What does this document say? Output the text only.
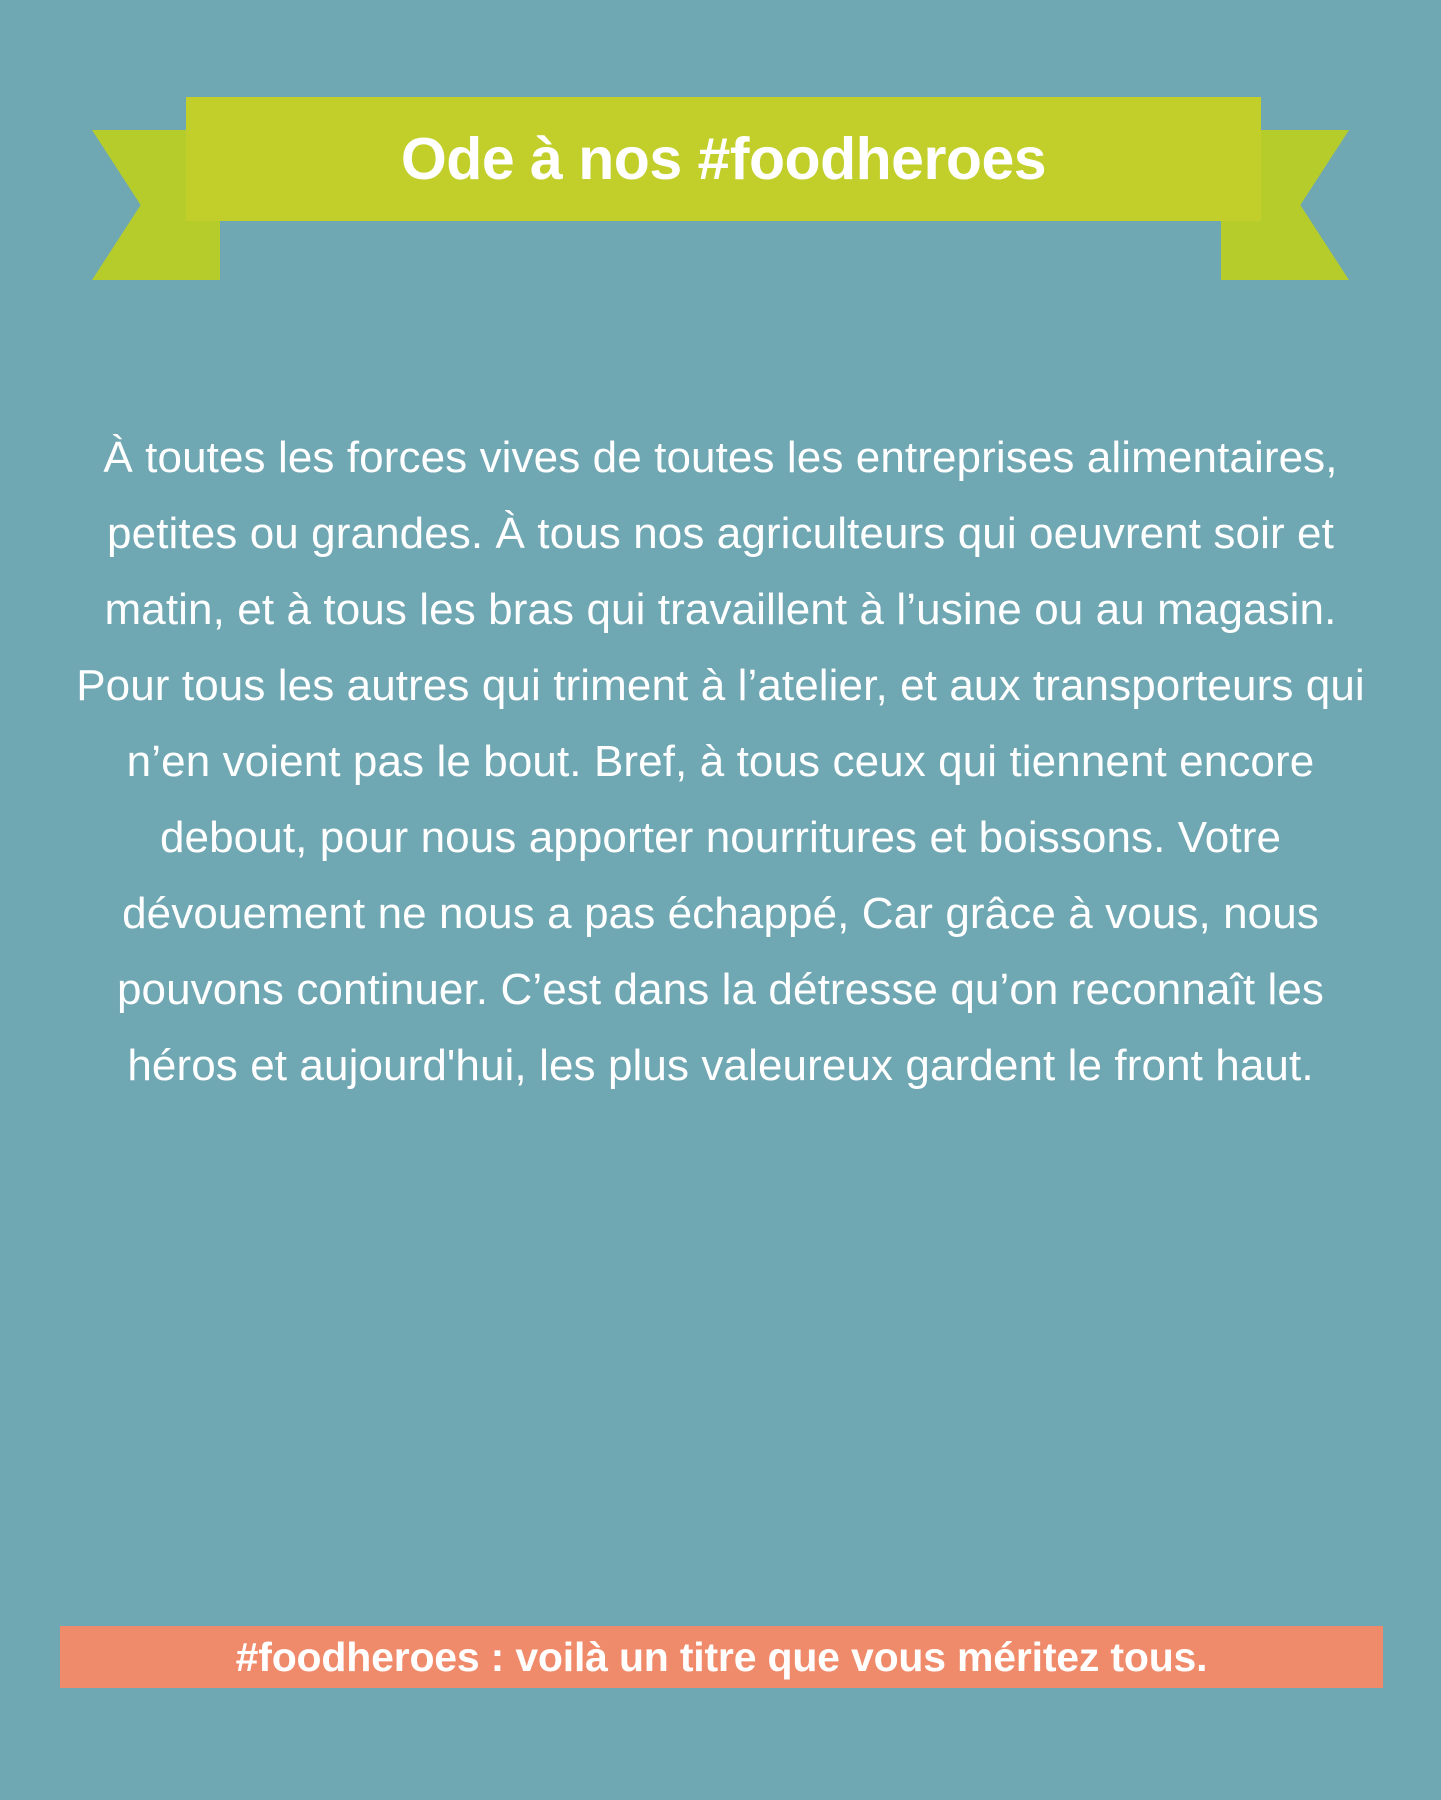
Ode à nos #foodheroes
À toutes les forces vives de toutes les entreprises alimentaires, petites ou grandes. À tous nos agriculteurs qui oeuvrent soir et matin, et à tous les bras qui travaillent à l’usine ou au magasin. Pour tous les autres qui triment à l’atelier, et aux transporteurs qui n’en voient pas le bout. Bref, à tous ceux qui tiennent encore debout, pour nous apporter nourritures et boissons. Votre dévouement ne nous a pas échappé, Car grâce à vous, nous pouvons continuer. C’est dans la détresse qu’on reconnaît les héros et aujourd'hui, les plus valeureux gardent le front haut.
#foodheroes : voilà un titre que vous méritez tous.
